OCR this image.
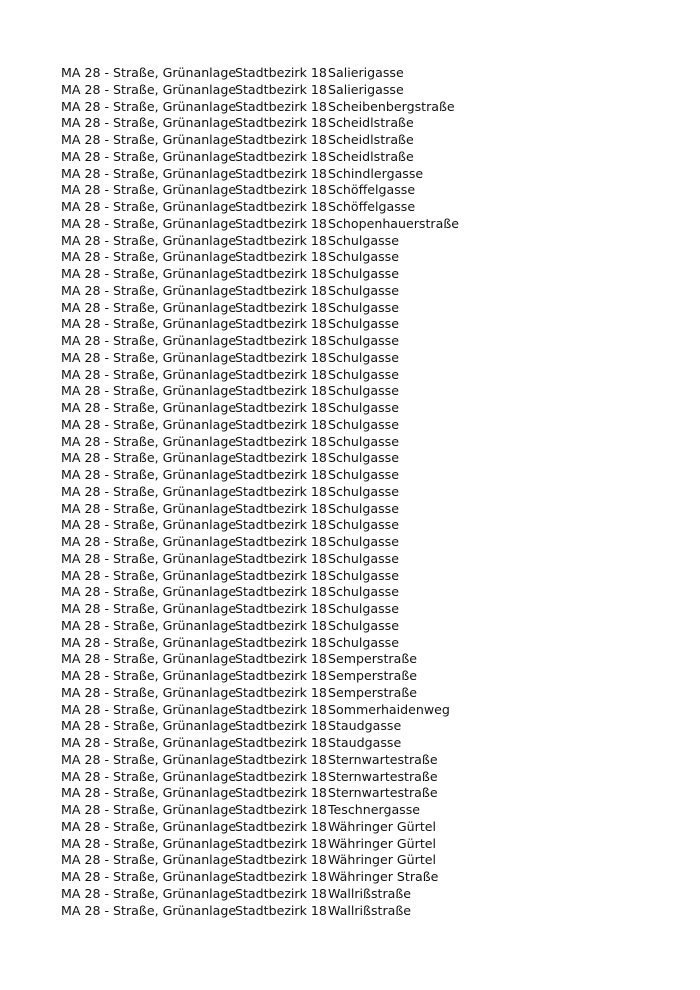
MA 28 - Straße, Grünanlage
Stadtbezirk 18 Salierigasse
MA 28 - Straße, Grünanlage
Stadtbezirk 18 Salierigasse
MA 28 - Straße, Grünanlage
Stadtbezirk 18 Scheibenbergstraße
MA 28 - Straße, Grünanlage
Stadtbezirk 18 Scheidlstraße
MA 28 - Straße, Grünanlage
Stadtbezirk 18 Scheidlstraße
MA 28 - Straße, Grünanlage
Stadtbezirk 18 Scheidlstraße
MA 28 - Straße, Grünanlage
Stadtbezirk 18 Schindlergasse
MA 28 - Straße, Grünanlage
Stadtbezirk 18 Schöffelgasse
MA 28 - Straße, Grünanlage
Stadtbezirk 18 Schöffelgasse
MA 28 - Straße, Grünanlage
Stadtbezirk 18 Schopenhauerstraße
MA 28 - Straße, Grünanlage
Stadtbezirk 18 Schulgasse
MA 28 - Straße, Grünanlage
Stadtbezirk 18 Schulgasse
MA 28 - Straße, Grünanlage
Stadtbezirk 18 Schulgasse
MA 28 - Straße, Grünanlage
Stadtbezirk 18 Schulgasse
MA 28 - Straße, Grünanlage
Stadtbezirk 18 Schulgasse
MA 28 - Straße, Grünanlage
Stadtbezirk 18 Schulgasse
MA 28 - Straße, Grünanlage
Stadtbezirk 18 Schulgasse
MA 28 - Straße, Grünanlage
Stadtbezirk 18 Schulgasse
MA 28 - Straße, Grünanlage
Stadtbezirk 18 Schulgasse
MA 28 - Straße, Grünanlage
Stadtbezirk 18 Schulgasse
MA 28 - Straße, Grünanlage
Stadtbezirk 18 Schulgasse
MA 28 - Straße, Grünanlage
Stadtbezirk 18 Schulgasse
MA 28 - Straße, Grünanlage
Stadtbezirk 18 Schulgasse
MA 28 - Straße, Grünanlage
Stadtbezirk 18 Schulgasse
MA 28 - Straße, Grünanlage
Stadtbezirk 18 Schulgasse
MA 28 - Straße, Grünanlage
Stadtbezirk 18 Schulgasse
MA 28 - Straße, Grünanlage
Stadtbezirk 18 Schulgasse
MA 28 - Straße, Grünanlage
Stadtbezirk 18 Schulgasse
MA 28 - Straße, Grünanlage
Stadtbezirk 18 Schulgasse
MA 28 - Straße, Grünanlage
Stadtbezirk 18 Schulgasse
MA 28 - Straße, Grünanlage
Stadtbezirk 18 Schulgasse
MA 28 - Straße, Grünanlage
Stadtbezirk 18 Schulgasse
MA 28 - Straße, Grünanlage
Stadtbezirk 18 Schulgasse
MA 28 - Straße, Grünanlage
Stadtbezirk 18 Schulgasse
MA 28 - Straße, Grünanlage
Stadtbezirk 18 Schulgasse
MA 28 - Straße, Grünanlage
Stadtbezirk 18 Semperstraße
MA 28 - Straße, Grünanlage
Stadtbezirk 18 Semperstraße
MA 28 - Straße, Grünanlage
Stadtbezirk 18 Semperstraße
MA 28 - Straße, Grünanlage
Stadtbezirk 18 Sommerhaidenweg
MA 28 - Straße, Grünanlage
Stadtbezirk 18 Staudgasse
MA 28 - Straße, Grünanlage
Stadtbezirk 18 Staudgasse
MA 28 - Straße, Grünanlage
Stadtbezirk 18 Sternwartestraße
MA 28 - Straße, Grünanlage
Stadtbezirk 18 Sternwartestraße
MA 28 - Straße, Grünanlage
Stadtbezirk 18 Sternwartestraße
MA 28 - Straße, Grünanlage
Stadtbezirk 18 Teschnergasse
MA 28 - Straße, Grünanlage
Stadtbezirk 18 Währinger Gürtel
MA 28 - Straße, Grünanlage
Stadtbezirk 18 Währinger Gürtel
MA 28 - Straße, Grünanlage
Stadtbezirk 18 Währinger Gürtel
MA 28 - Straße, Grünanlage
Stadtbezirk 18 Währinger Straße
MA 28 - Straße, Grünanlage
Stadtbezirk 18 Wallrißstraße
MA 28 - Straße, Grünanlage
Stadtbezirk 18 Wallrißstraße
